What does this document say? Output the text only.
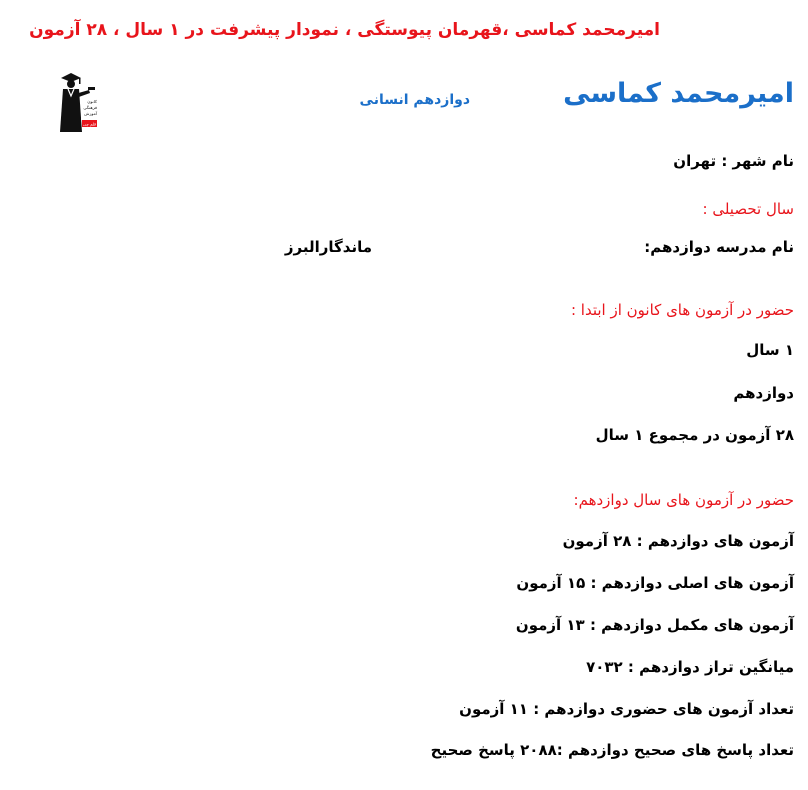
امیرمحمد کماسی ،قهرمان پیوستگی ، نمودار پیشرفت در ۱ سال ، ۲۸ آزمون
کانون
فرهنگی
آموزش
قلم چی
دوازدهم انسانی	امیرمحمد کماسی
نام شهر : تهران
سال تحصیلی :
نام مدرسه دوازدهم:
ماندگارالبرز
حضور در آزمون های کانون از ابتدا :
۱ سال
دوازدهم
۲۸ آزمون در مجموع ۱ سال
حضور در آزمون های سال دوازدهم:
آزمون های دوازدهم : ۲۸ آزمون
آزمون های اصلی دوازدهم : ۱۵ آزمون
آزمون های مکمل دوازدهم : ۱۳ آزمون
میانگین تراز دوازدهم : ۷۰۳۲
تعداد آزمون های حضوری دوازدهم : ۱۱ آزمون
تعداد پاسخ های صحیح دوازدهم :۲۰۸۸ پاسخ صحیح
